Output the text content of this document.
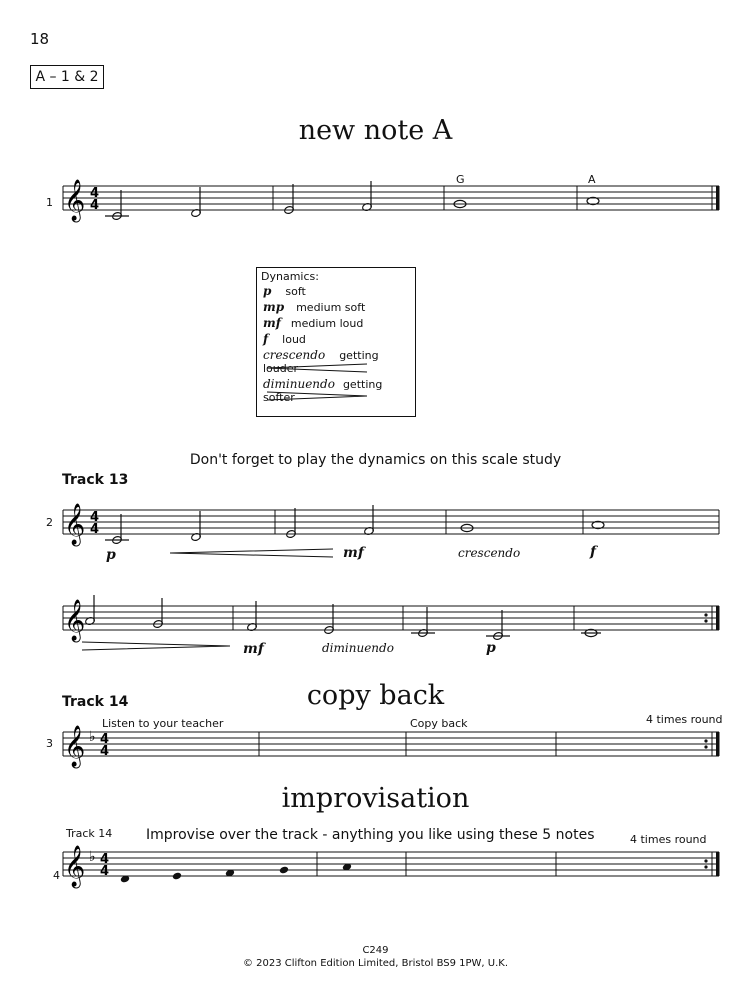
18
A – 1 & 2
new note A
G	A
1 𝄞 4
4
Dynamics:
p soft
mp medium soft
mf medium loud
f loud
crescendo getting louder
diminuendo getting softer
Don't forget to play the dynamics on this scale study
Track 13
2 𝄞 4
4
p	mf	crescendo	f
𝄞
mf	diminuendo	p
Track 14	copy back
Listen to your teacher	Copy back	4 times round
3 𝄞 ♭ 4
4
improvisation
Track 14 Improvise over the track - anything you like using these 5 notes	4 times round
4 𝄞 ♭ 4
4
C249
© 2023 Clifton Edition Limited, Bristol BS9 1PW, U.K.
